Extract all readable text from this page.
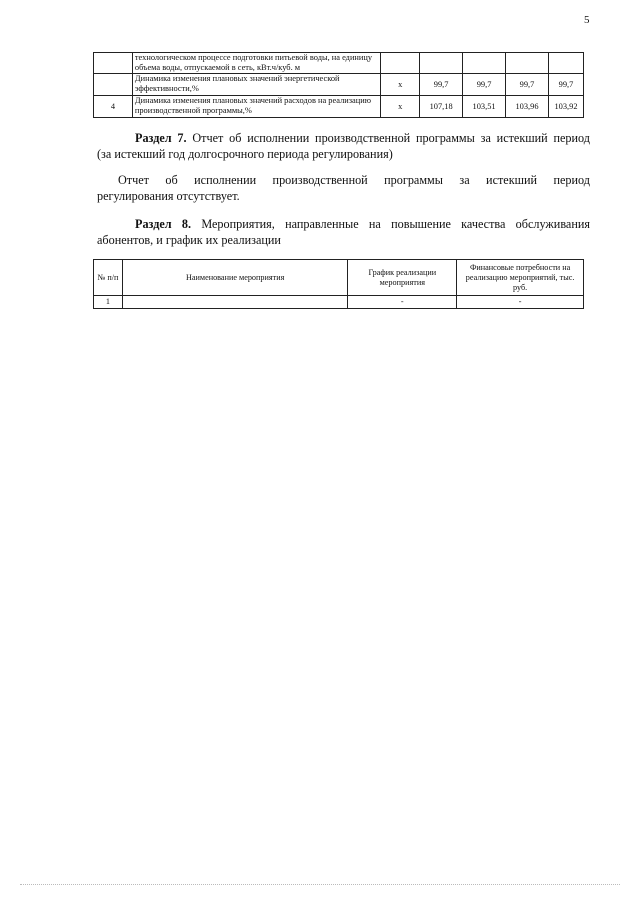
5
	технологическом процессе подготовки питьевой воды, на единицу объема воды, отпускаемой в сеть, кВт.ч/куб. м					
	Динамика изменения плановых значений энергетической эффективности,%	х	99,7	99,7	99,7	99,7
4	Динамика изменения плановых значений расходов на реализацию производственной программы,%	х	107,18	103,51	103,96	103,92
Раздел 7. Отчет об исполнении производственной программы за истекший период
(за истекший год долгосрочного периода регулирования)
Отчет об исполнении производственной программы за истекший период
регулирования отсутствует.
Раздел 8. Мероприятия, направленные на повышение качества обслуживания
абонентов, и график их реализации
№ п/п	Наименование мероприятия	График реализации мероприятия	Финансовые потребности на реализацию мероприятий, тыс. руб.
1		-	-
